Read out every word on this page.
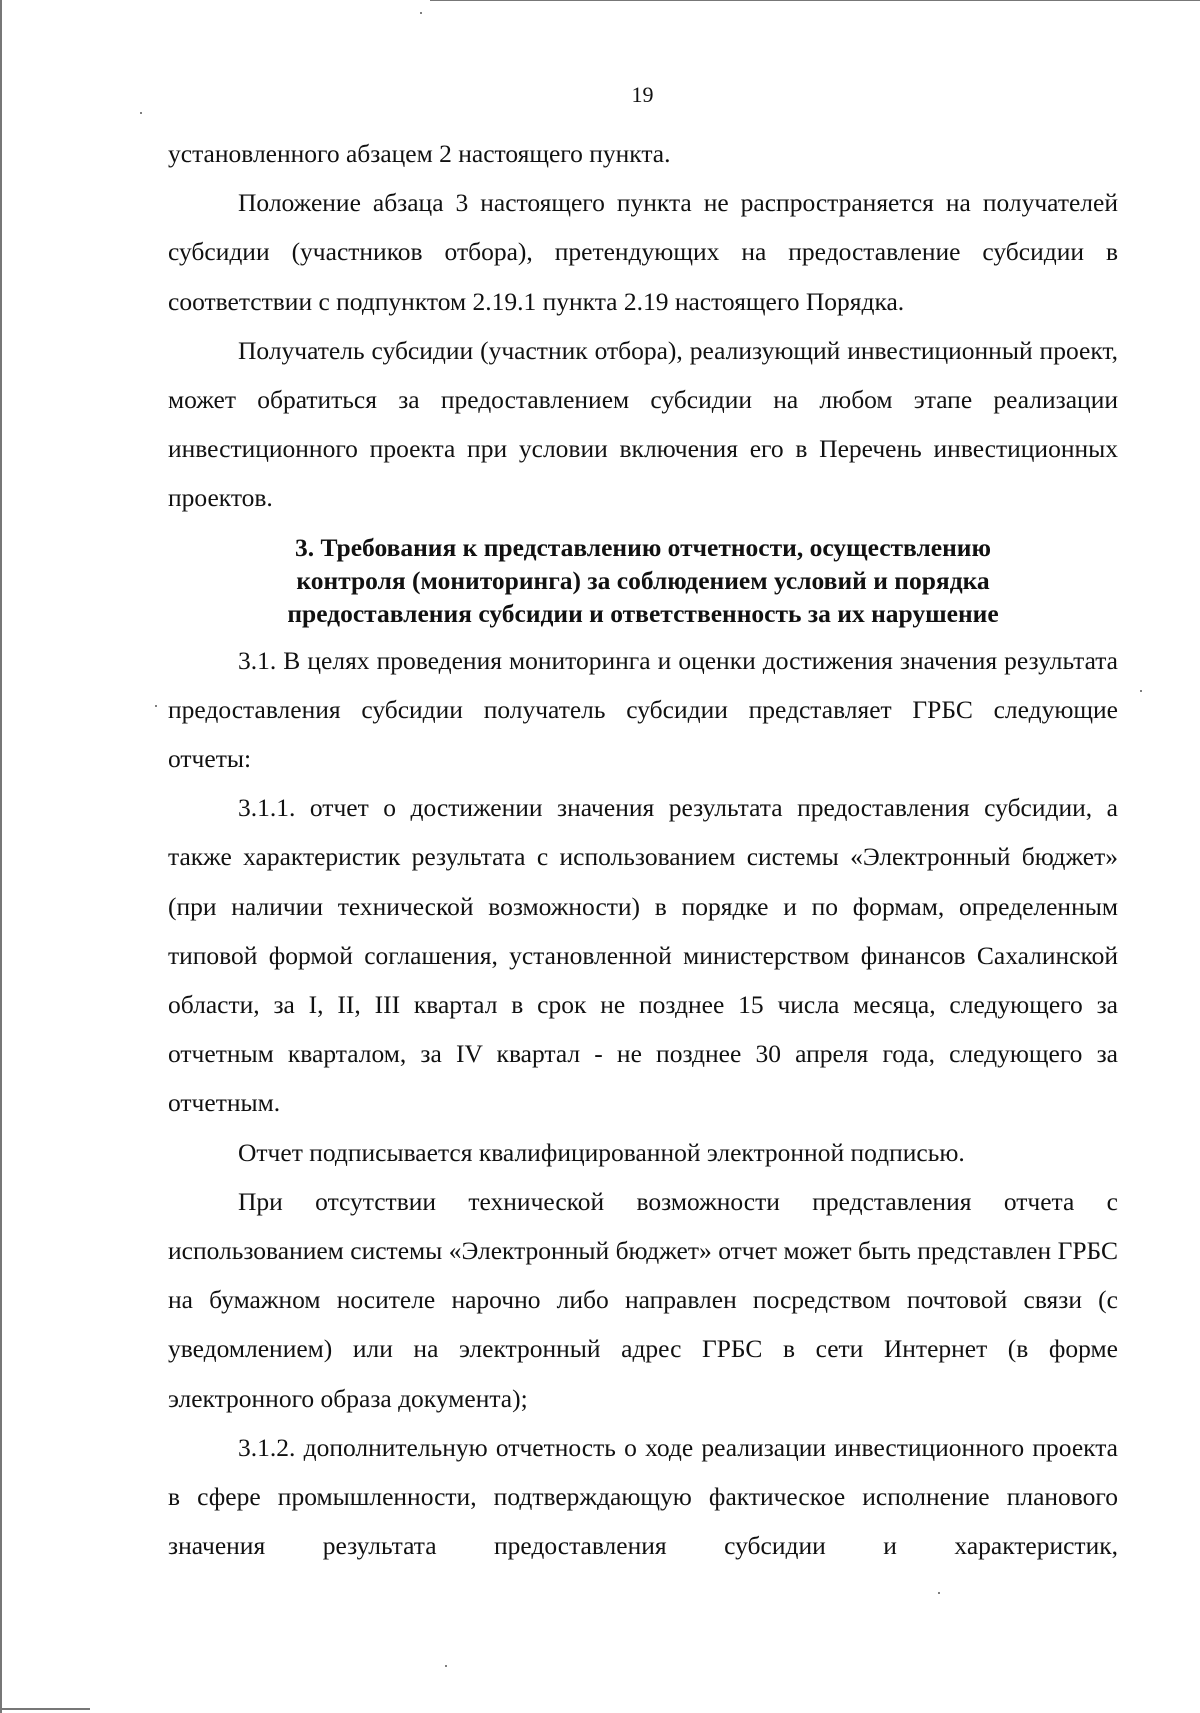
19

установленного абзацем 2 настоящего пункта.

Положение абзаца 3 настоящего пункта не распространяется на получателей субсидии (участников отбора), претендующих на предоставление субсидии в соответствии с подпунктом 2.19.1 пункта 2.19 настоящего Порядка.

Получатель субсидии (участник отбора), реализующий инвестиционный проект, может обратиться за предоставлением субсидии на любом этапе реализации инвестиционного проекта при условии включения его в Перечень инвестиционных проектов.

3. Требования к представлению отчетности, осуществлению
контроля (мониторинга) за соблюдением условий и порядка
предоставления субсидии и ответственность за их нарушение

3.1. В целях проведения мониторинга и оценки достижения значения результата предоставления субсидии получатель субсидии представляет ГРБС следующие отчеты:

3.1.1. отчет о достижении значения результата предоставления субсидии, а также характеристик результата с использованием системы «Электронный бюджет» (при наличии технической возможности) в порядке и по формам, определенным типовой формой соглашения, установленной министерством финансов Сахалинской области, за I, II, III квартал в срок не позднее 15 числа месяца, следующего за отчетным кварталом, за IV квартал - не позднее 30 апреля года, следующего за отчетным.

Отчет подписывается квалифицированной электронной подписью.

При отсутствии технической возможности представления отчета с использованием системы «Электронный бюджет» отчет может быть представлен ГРБС на бумажном носителе нарочно либо направлен посредством почтовой связи (с уведомлением) или на электронный адрес ГРБС в сети Интернет (в форме электронного образа документа);

3.1.2. дополнительную отчетность о ходе реализации инвестиционного проекта в сфере промышленности, подтверждающую фактическое исполнение планового значения результата предоставления субсидии и характеристик,
